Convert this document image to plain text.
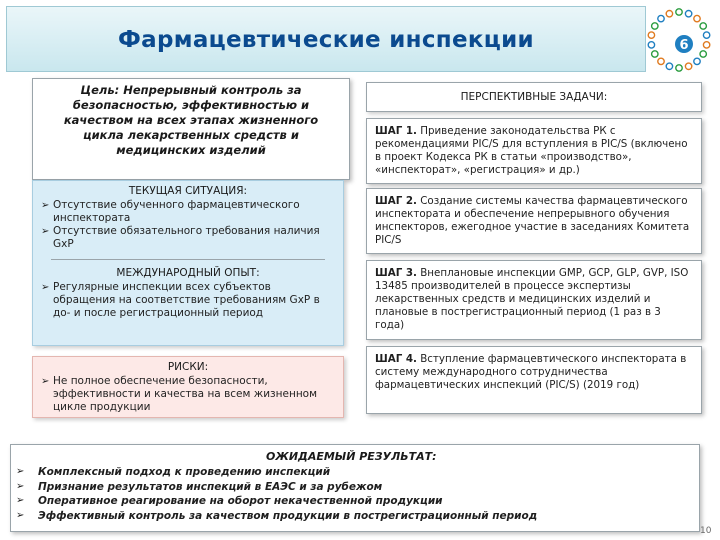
Фармацевтические инспекции	6
Цель: Непрерывный контроль за безопасностью, эффективностью и качеством на всех этапах жизненного цикла лекарственных средств и медицинских изделий
ТЕКУЩАЯ СИТУАЦИЯ:
➢ Отсутствие обученного фармацевтического инспектората
➢ Отсутствие обязательного требования наличия GxP
МЕЖДУНАРОДНЫЙ ОПЫТ:
➢ Регулярные инспекции всех субъектов обращения на соответствие требованиям GxP в до- и после регистрационный период
РИСКИ:
➢ Не полное обеспечение безопасности, эффективности и качества на всем жизненном цикле продукции
ПЕРСПЕКТИВНЫЕ ЗАДАЧИ:
ШАГ 1. Приведение законодательства РК с рекомендациями PIC/S для вступления в PIC/S (включено в проект Кодекса РК в статьи «производство», «инспекторат», «регистрация» и др.)
ШАГ 2. Создание системы качества фармацевтического инспектората и обеспечение непрерывного обучения инспекторов, ежегодное участие в заседаниях Комитета PIC/S
ШАГ 3. Внеплановые инспекции GMP, GCP, GLP, GVP, ISO 13485 производителей в процессе экспертизы лекарственных средств и медицинских изделий и плановые в пострегистрационный период (1 раз в 3 года)
ШАГ 4. Вступление фармацевтического инспектората в систему международного сотрудничества фармацевтических инспекций (PIC/S) (2019 год)
ОЖИДАЕМЫЙ РЕЗУЛЬТАТ:
➢	Комплексный подход к проведению инспекций
➢	Признание результатов инспекций в ЕАЭС и за рубежом
➢	Оперативное реагирование на оборот некачественной продукции
➢	Эффективный контроль за качеством продукции в пострегистрационный период
10
